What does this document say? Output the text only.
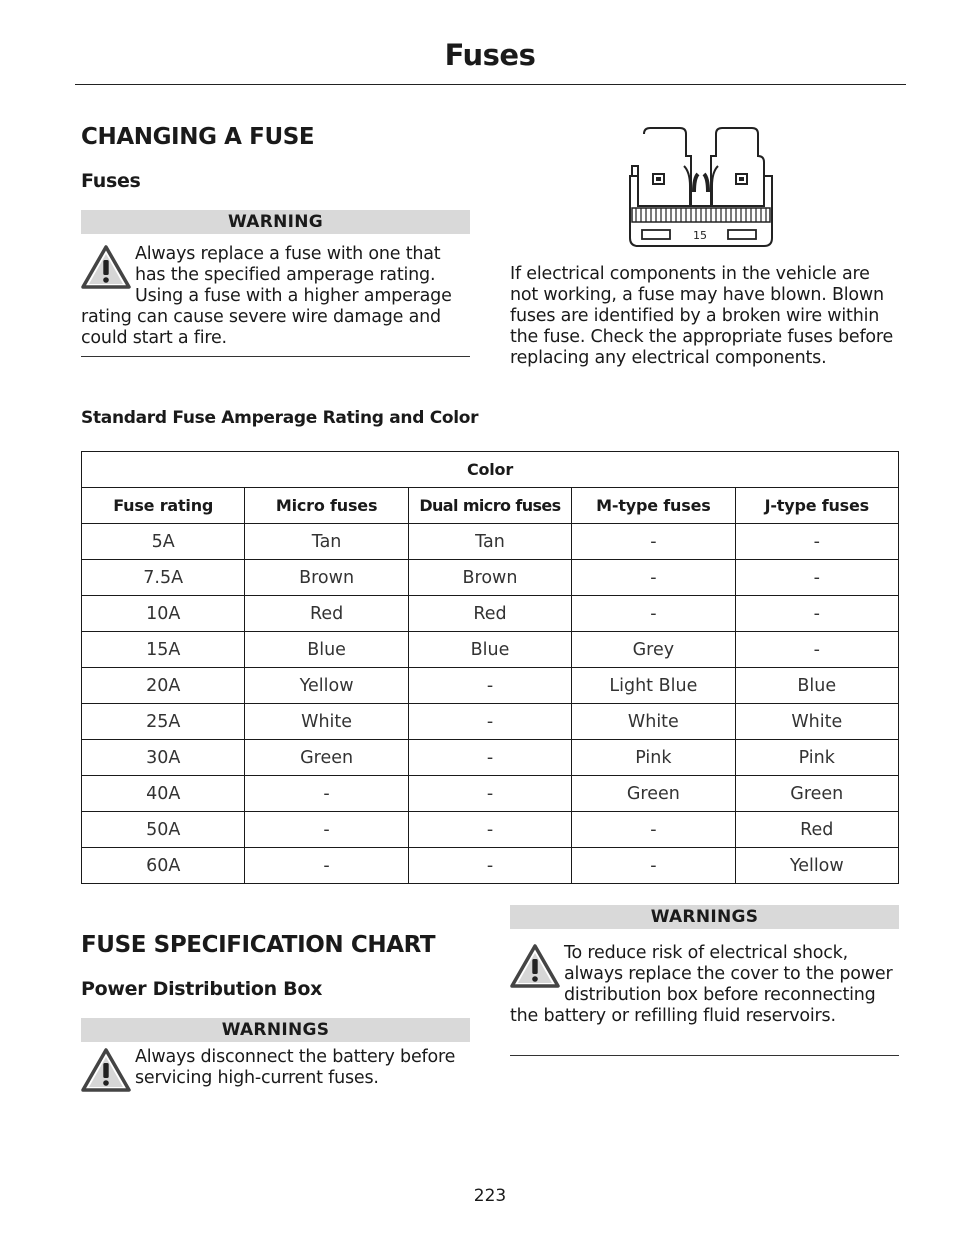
Fuses
CHANGING A FUSE
Fuses
WARNING

Always replace a fuse with one that has the specified amperage rating. Using a fuse with a higher amperage rating can cause severe wire damage and could start a fire.

15

If electrical components in the vehicle are not working, a fuse may have blown. Blown fuses are identified by a broken wire within the fuse. Check the appropriate fuses before replacing any electrical components.

Standard Fuse Amperage Rating and Color
Color				
Fuse rating	Micro fuses	Dual micro fuses	M-type fuses	J-type fuses
5A	Tan	Tan	-	-
7.5A	Brown	Brown	-	-
10A	Red	Red	-	-
15A	Blue	Blue	Grey	-
20A	Yellow	-	Light Blue	Blue
25A	White	-	White	White
30A	Green	-	Pink	Pink
40A	-	-	Green	Green
50A	-	-	-	Red
60A	-	-	-	Yellow
FUSE SPECIFICATION CHART
Power Distribution Box
WARNINGS

Always disconnect the battery before servicing high-current fuses.

WARNINGS

To reduce risk of electrical shock, always replace the cover to the power distribution box before reconnecting the battery or refilling fluid reservoirs.

223
